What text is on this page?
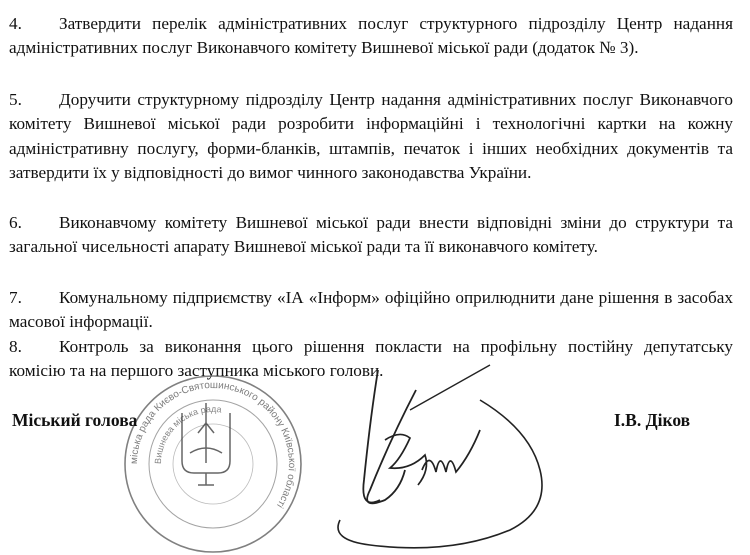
4. Затвердити перелік адміністративних послуг структурного підрозділу Центр надання адміністративних послуг Виконавчого комітету Вишневої міської ради (додаток № 3).
5. Доручити структурному підрозділу Центр надання адміністративних послуг Виконавчого комітету Вишневої міської ради розробити інформаційні і технологічні картки на кожну адміністративну послугу, форми-бланків, штампів, печаток і інших необхідних документів та затвердити їх у відповідності до вимог чинного законодавства України.
6. Виконавчому комітету Вишневої міської ради внести відповідні зміни до структури та загальної чисельності апарату Вишневої міської ради та її виконавчого комітету.
7. Комунальному підприємству «ІА «Інформ» офіційно оприлюднити дане рішення в засобах масової інформації.
8. Контроль за виконання цього рішення покласти на профільну постійну депутатську комісію та на першого заступника міського голови.
міська рада Києво-Святошинського району Київської області
Вишнева міська рада
Міський голова	І.В. Діков
